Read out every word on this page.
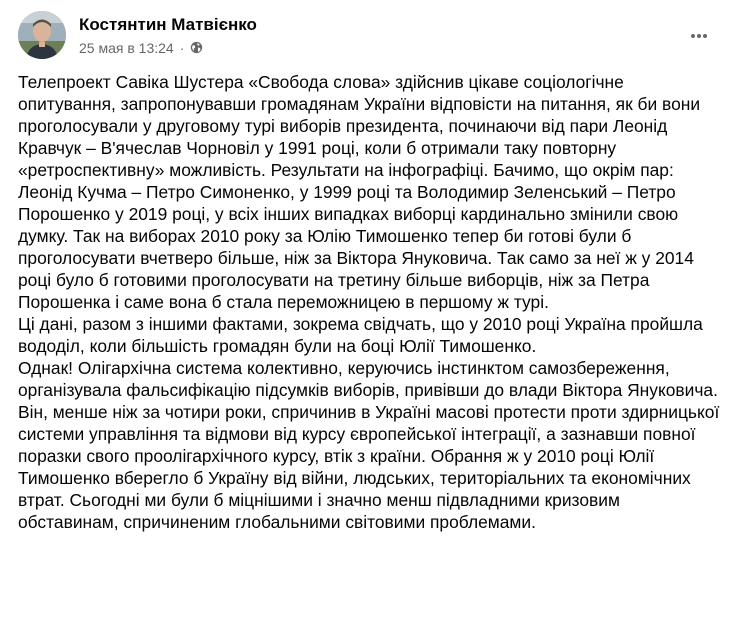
Костянтин Матвієнко
25 мая в 13:24 ·

Телепроект Савіка Шустера «Свобода слова» здійснив цікаве соціологічне опитування, запропонувавши громадянам України відповісти на питання, як би вони проголосували у друговому турі виборів президента, починаючи від пари Леонід Кравчук – В'ячеслав Чорновіл у 1991 році, коли б отримали таку повторну «ретроспективну» можливість. Результати на інфографіці. Бачимо, що окрім пар: Леонід Кучма – Петро Симоненко, у 1999 році та Володимир Зеленський – Петро Порошенко у 2019 році, у всіх інших випадках виборці кардинально змінили свою думку. Так на виборах 2010 року за Юлію Тимошенко тепер би готові були б проголосувати вчетверо більше, ніж за Віктора Януковича. Так само за неї ж у 2014 році було б готовими проголосувати на третину більше виборців, ніж за Петра Порошенка і саме вона б стала переможницею в першому ж турі.

Ці дані, разом з іншими фактами, зокрема свідчать, що у 2010 році Україна пройшла вододіл, коли більшість громадян були на боці Юлії Тимошенко.

Однак! Олігархічна система колективно, керуючись інстинктом самозбереження, організувала фальсифікацію підсумків виборів, привівши до влади Віктора Януковича. Він, менше ніж за чотири роки, спричинив в Україні масові протести проти здирницької системи управління та відмови від курсу європейської інтеграції, а зазнавши повної поразки свого проолігархічного курсу, втік з країни. Обрання ж у 2010 році Юлії Тимошенко вберегло б Україну від війни, людських, територіальних та економічних втрат. Сьогодні ми були б міцнішими і значно менш підвладними кризовим обставинам, спричиненим глобальними світовими проблемами.
